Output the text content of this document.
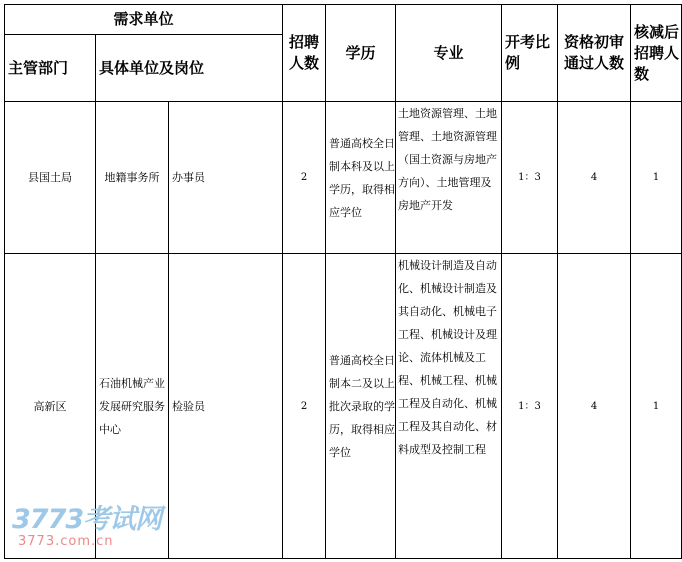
需求单位			招聘人数	学历	专业	开考比例	资格初审通过人数	核减后招聘人数
主管部门	具体单位及岗位							
县国土局	地籍事务所	办事员	2	普通高校全日制本科及以上学历，取得相应学位	土地资源管理、土地管理、土地资源管理（国土资源与房地产方向）、土地管理及房地产开发	1：3	4	1
高新区	石油机械产业发展研究服务中心	检验员	2	普通高校全日制本二及以上批次录取的学历，取得相应学位	机械设计制造及自动化、机械设计制造及其自动化、机械电子工程、机械设计及理论、流体机械及工程、机械工程、机械工程及自动化、机械工程及其自动化、材料成型及控制工程	1：3	4	1
3773考试网
3773.com.cn
